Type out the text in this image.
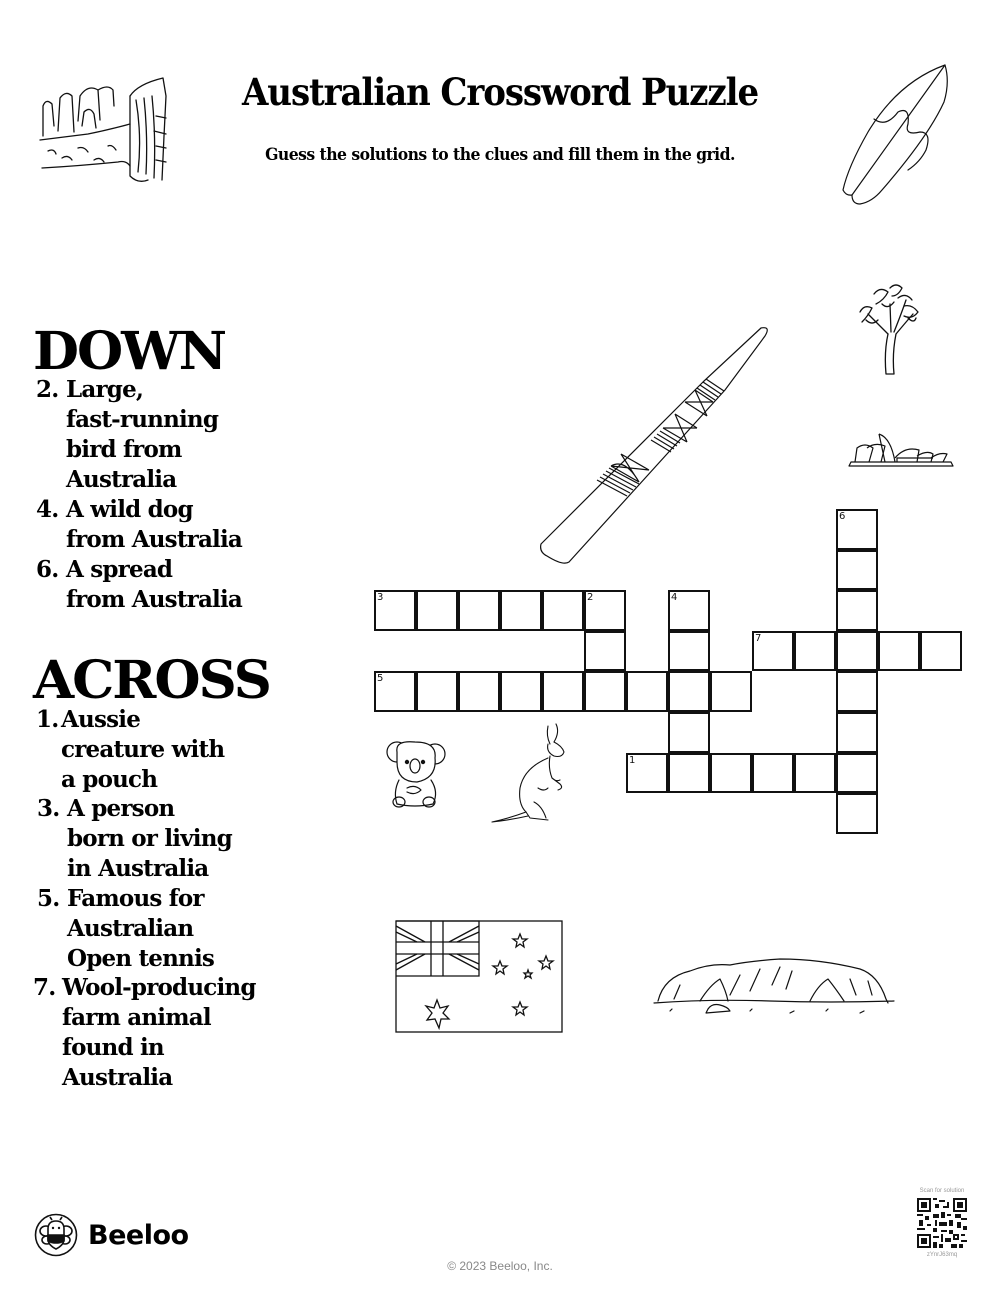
Australian Crossword Puzzle
Guess the solutions to the clues and fill them in the grid.
DOWN
2. Large,
fast-running
bird from
Australia
4. A wild dog
from Australia
6. A spread
from Australia
ACROSS
1. Aussie
creature with
a pouch
3. A person
born or living
in Australia
5. Famous for
Australian
Open tennis
7. Wool-producing
farm animal
found in
Australia
6
3	2	4
7
5
1
Beeloo
© 2023 Beeloo, Inc.
Scan for solution
zYnrJ63mq
